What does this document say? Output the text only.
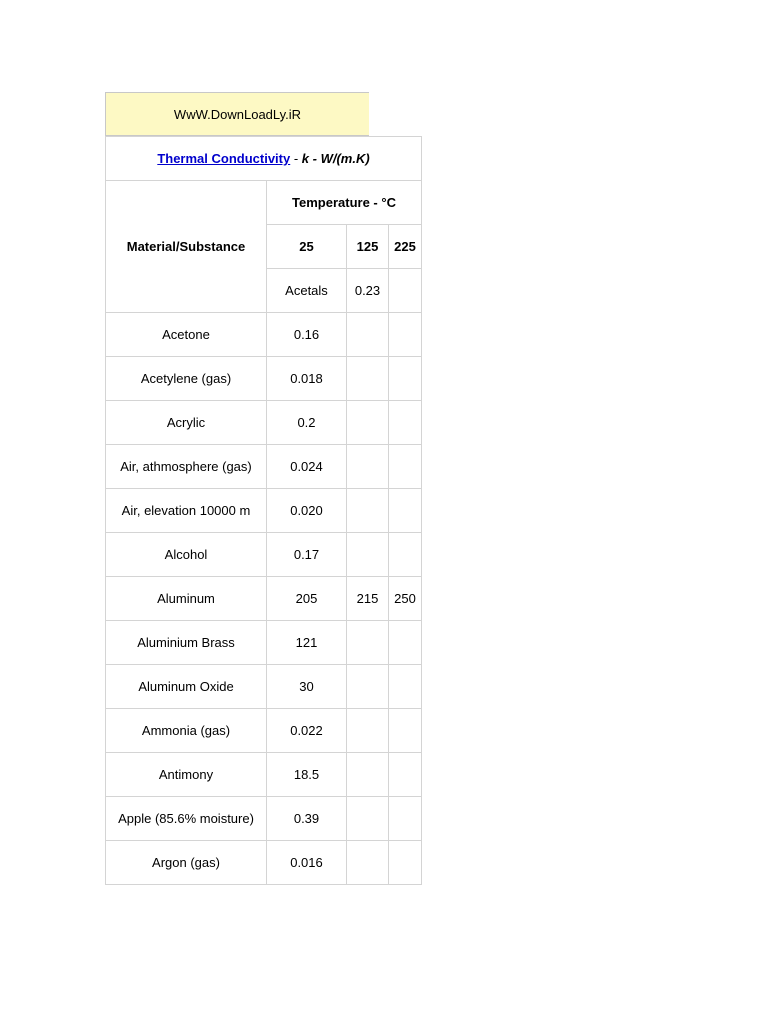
WwW.DownLoadLy.iR
Thermal Conductivity - k - W/(m.K)			
Material/Substance	Temperature - °C		
	25	125	225
	Acetals	0.23	
Acetone	0.16		
Acetylene (gas)	0.018		
Acrylic	0.2		
Air, athmosphere (gas)	0.024		
Air, elevation 10000 m	0.020		
Alcohol	0.17		
Aluminum	205	215	250
Aluminium Brass	121		
Aluminum Oxide	30		
Ammonia (gas)	0.022		
Antimony	18.5		
Apple (85.6% moisture)	0.39		
Argon (gas)	0.016		
